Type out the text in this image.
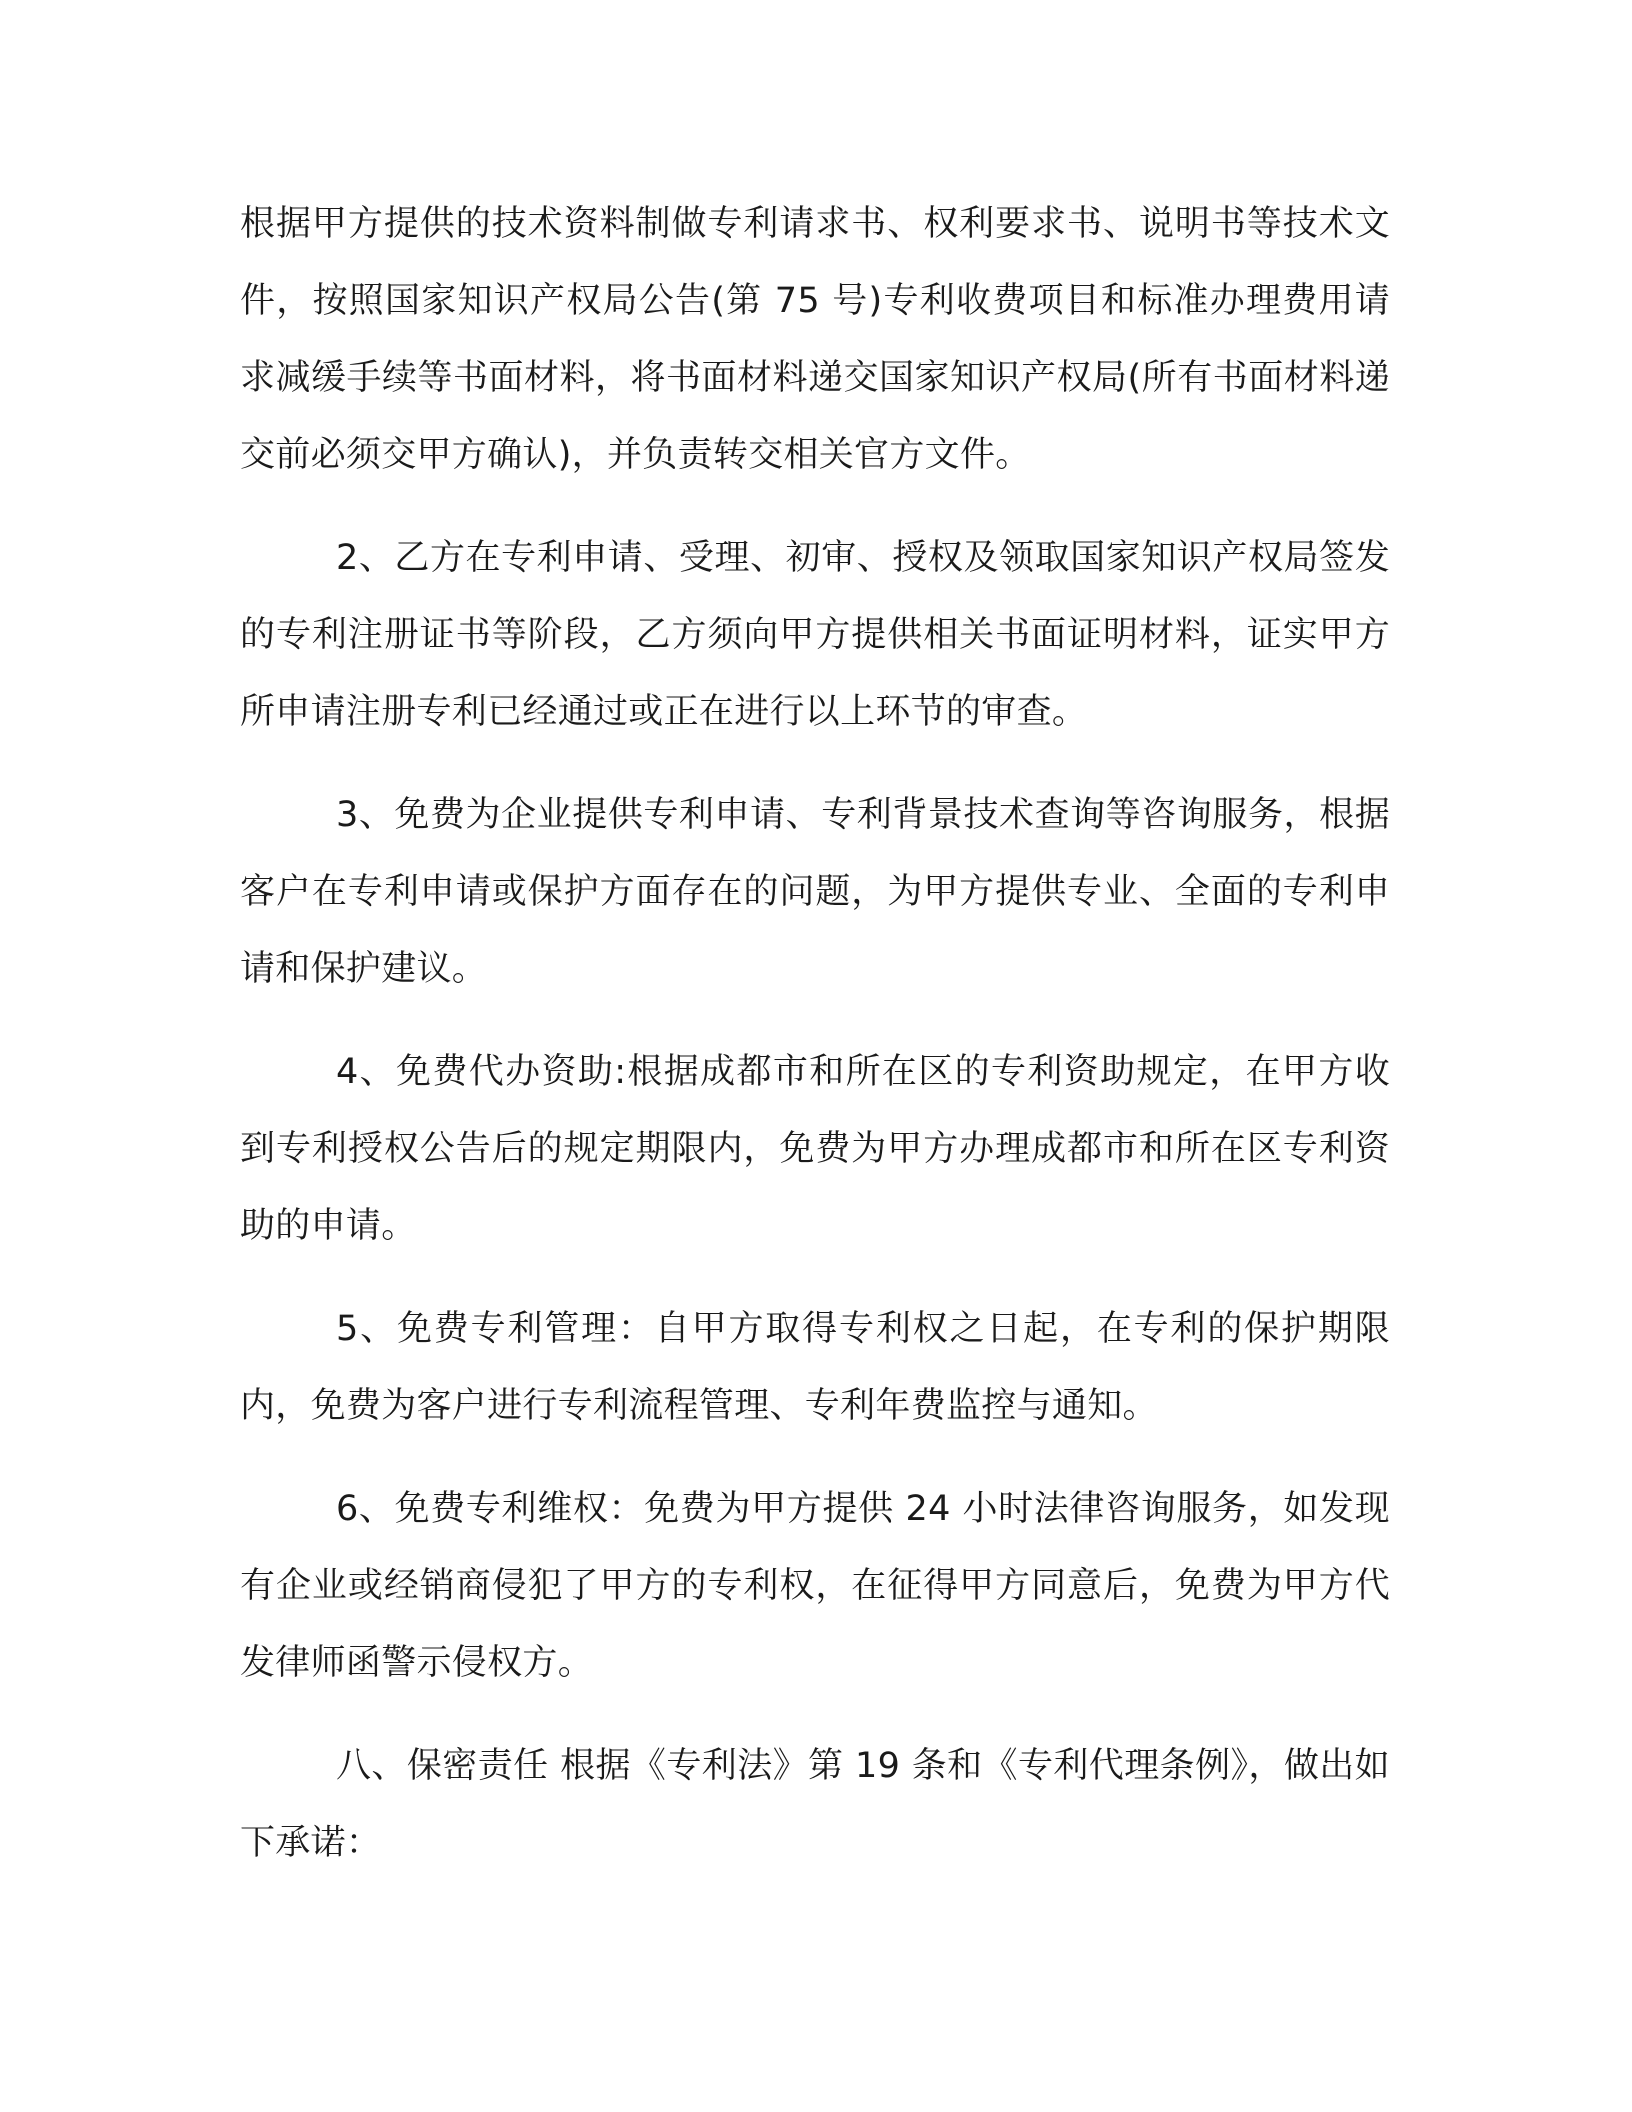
根据甲方提供的技术资料制做专利请求书、权利要求书、说明书等技术文件，按照国家知识产权局公告(第 75 号)专利收费项目和标准办理费用请求减缓手续等书面材料，将书面材料递交国家知识产权局(所有书面材料递交前必须交甲方确认)，并负责转交相关官方文件。

2、乙方在专利申请、受理、初审、授权及领取国家知识产权局签发的专利注册证书等阶段，乙方须向甲方提供相关书面证明材料，证实甲方所申请注册专利已经通过或正在进行以上环节的审查。

3、免费为企业提供专利申请、专利背景技术查询等咨询服务，根据客户在专利申请或保护方面存在的问题，为甲方提供专业、全面的专利申请和保护建议。

4、免费代办资助:根据成都市和所在区的专利资助规定，在甲方收到专利授权公告后的规定期限内，免费为甲方办理成都市和所在区专利资助的申请。

5、免费专利管理：自甲方取得专利权之日起，在专利的保护期限内，免费为客户进行专利流程管理、专利年费监控与通知。

6、免费专利维权：免费为甲方提供 24 小时法律咨询服务，如发现有企业或经销商侵犯了甲方的专利权，在征得甲方同意后，免费为甲方代发律师函警示侵权方。

八、保密责任 根据《专利法》第 19 条和《专利代理条例》，做出如下承诺：
